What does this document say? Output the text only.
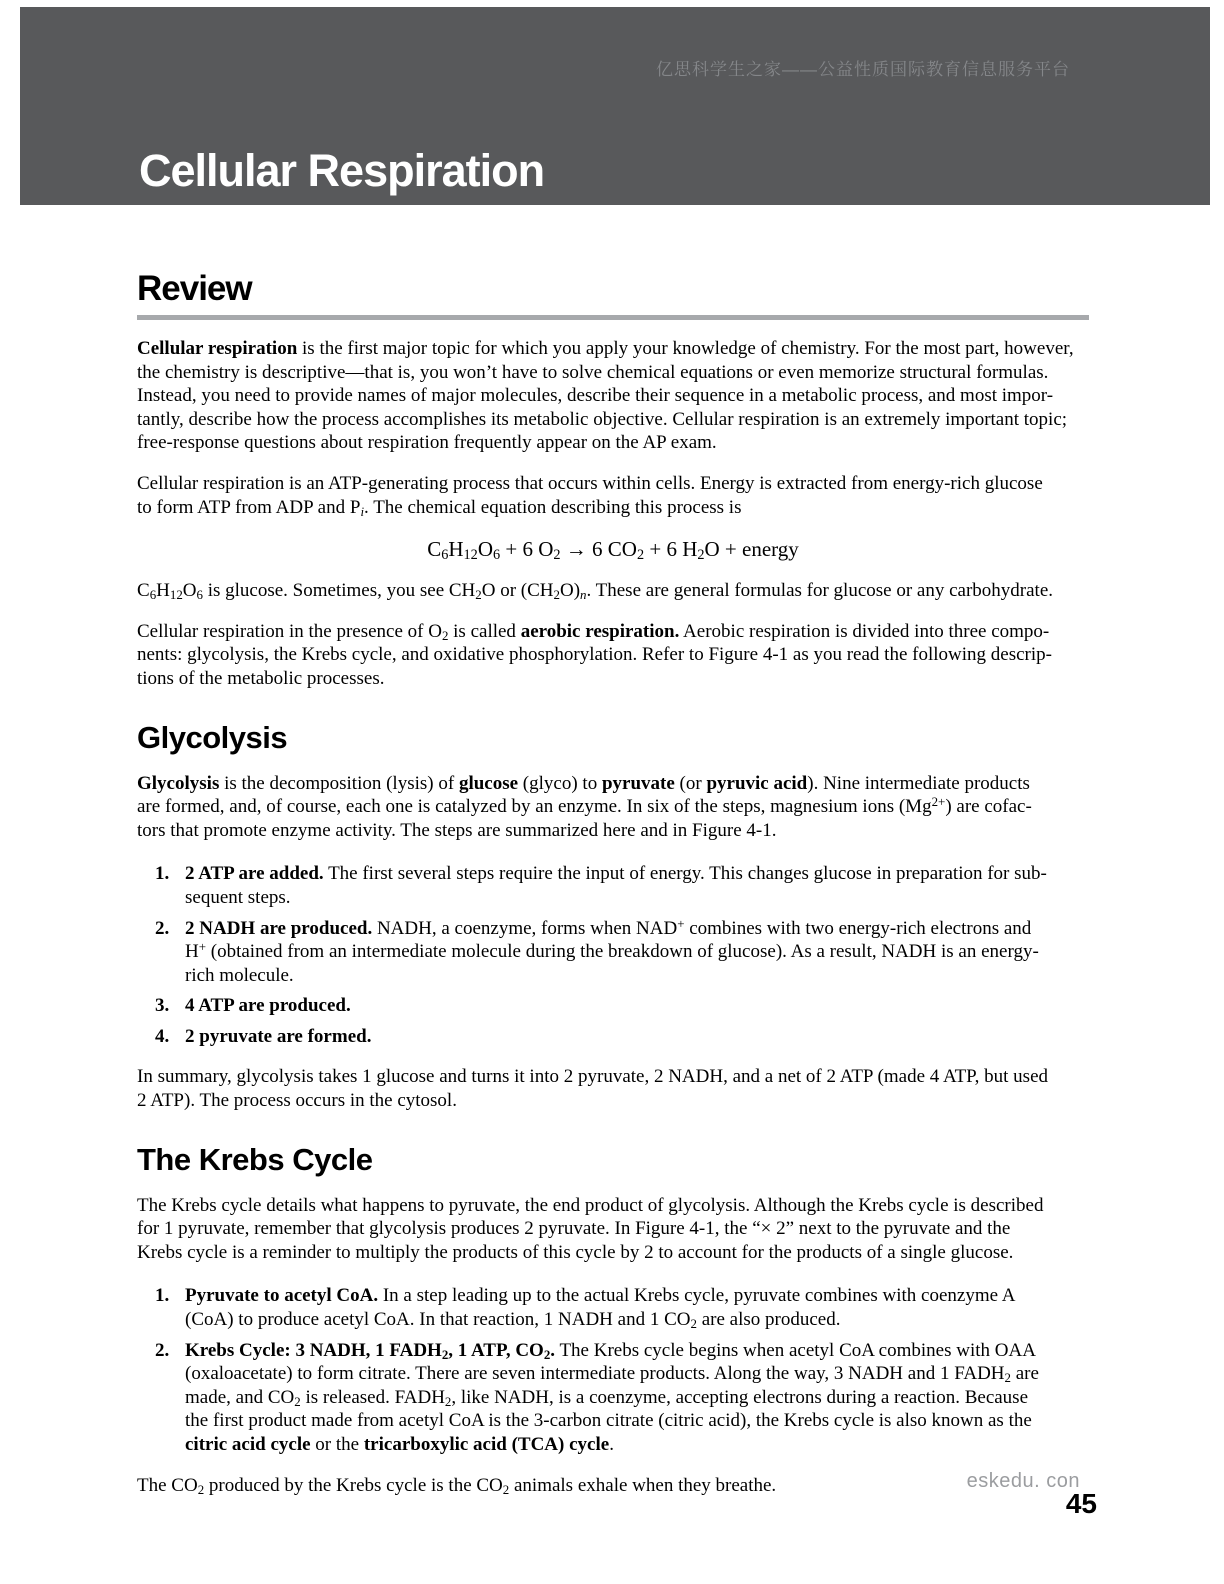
亿思科学生之家——公益性质国际教育信息服务平台
Cellular Respiration
Review
Cellular respiration is the first major topic for which you apply your knowledge of chemistry. For the most part, however,
the chemistry is descriptive—that is, you won’t have to solve chemical equations or even memorize structural formulas.
Instead, you need to provide names of major molecules, describe their sequence in a metabolic process, and most impor-
tantly, describe how the process accomplishes its metabolic objective. Cellular respiration is an extremely important topic;
free-response questions about respiration frequently appear on the AP exam.
Cellular respiration is an ATP-generating process that occurs within cells. Energy is extracted from energy-rich glucose
to form ATP from ADP and Pi. The chemical equation describing this process is
$C_6H_{12}O_6 + 6$ $O_2 \to 6$ $CO_2 + 6$ $H_2O$ + energy
$C_6H_{12}O_6$ is glucose. Sometimes, you see $CH_2O$ or $(CH_2O)n$. These are general formulas for glucose or any carbohydrate.
Cellular respiration in the presence of $O_2$ is called aerobic respiration. Aerobic respiration is divided into three compo-
nents: glycolysis, the Krebs cycle, and oxidative phosphorylation. Refer to Figure 4-1 as you read the following descrip-
tions of the metabolic processes.
Glycolysis
Glycolysis is the decomposition (lysis) of glucose (glyco) to pyruvate (or pyruvic acid). Nine intermediate products
are formed, and, of course, each one is catalyzed by an enzyme. In six of the steps, magnesium ions $(Mg^{2+})$ are cofac-
tors that promote enzyme activity. The steps are summarized here and in Figure 4-1.
1. 2 ATP are added. The first several steps require the input of energy. This changes glucose in preparation for sub-
sequent steps.
2. 2 NADH are produced. NADH, a coenzyme, forms when NAD+ combines with two energy-rich electrons and
H+ (obtained from an intermediate molecule during the breakdown of glucose). As a result, NADH is an energy-
rich molecule.
3. 4 ATP are produced.
4. 2 pyruvate are formed.
In summary, glycolysis takes 1 glucose and turns it into 2 pyruvate, 2 NADH, and a net of 2 ATP (made 4 ATP, but used
2 ATP). The process occurs in the cytosol.
The Krebs Cycle
The Krebs cycle details what happens to pyruvate, the end product of glycolysis. Although the Krebs cycle is described
for 1 pyruvate, remember that glycolysis produces 2 pyruvate. In Figure 4-1, the “× 2” next to the pyruvate and the
Krebs cycle is a reminder to multiply the products of this cycle by 2 to account for the products of a single glucose.
1. Pyruvate to acetyl CoA. In a step leading up to the actual Krebs cycle, pyruvate combines with coenzyme A
(CoA) to produce acetyl CoA. In that reaction, 1 NADH and 1 $CO_2$ are also produced.
2. Krebs Cycle: 3 NADH, 1 FADH2, 1 ATP, CO2. The Krebs cycle begins when acetyl CoA combines with OAA
(oxaloacetate) to form citrate. There are seven intermediate products. Along the way, 3 NADH and 1 $FADH_2$ are
made, and $CO_2$ is released. $FADH_2$, like NADH, is a coenzyme, accepting electrons during a reaction. Because
the first product made from acetyl CoA is the 3-carbon citrate (citric acid), the Krebs cycle is also known as the
citric acid cycle or the tricarboxylic acid (TCA) cycle.
The $CO_2$ produced by the Krebs cycle is the $CO_2$ animals exhale when they breathe.	eskedu. con
45
